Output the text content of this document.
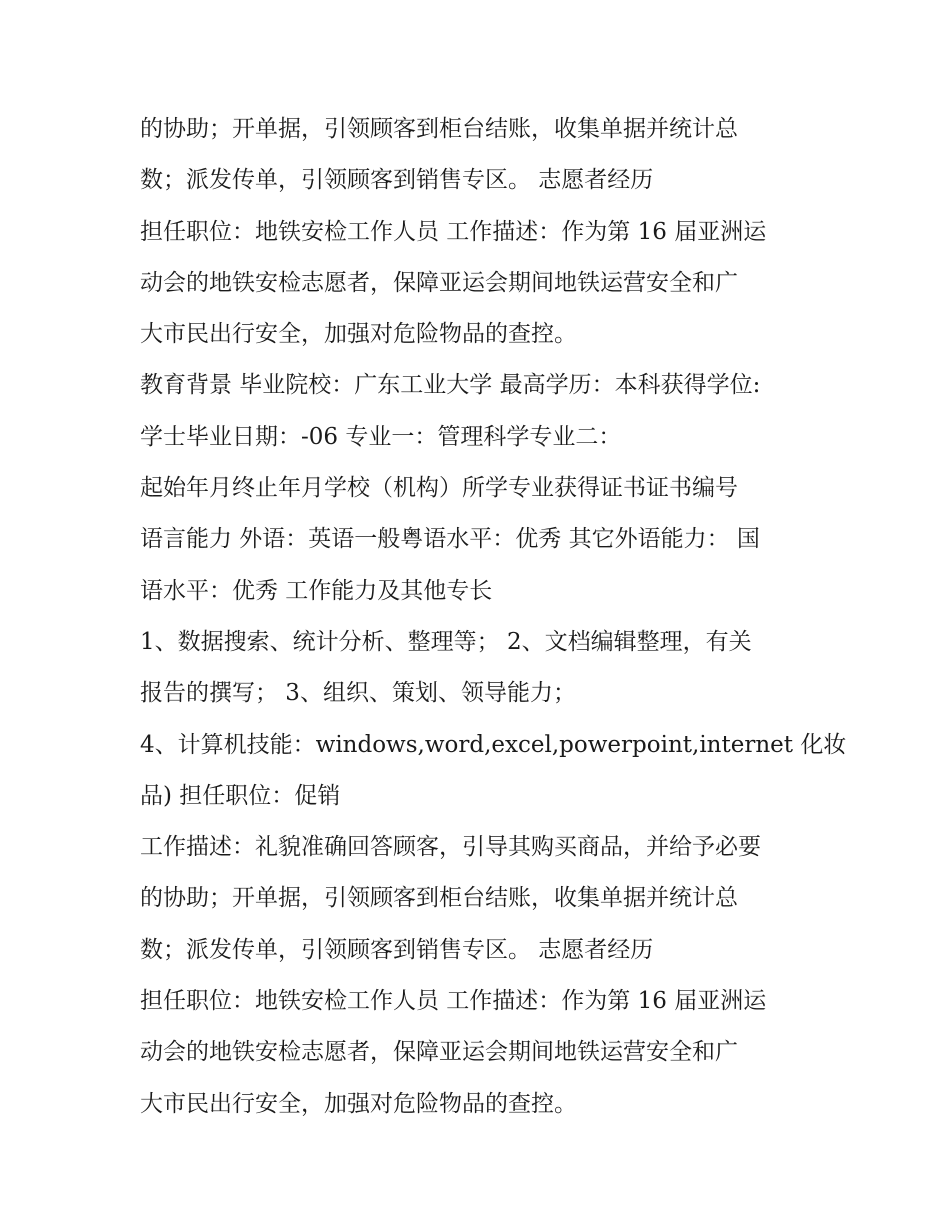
的协助；开单据，引领顾客到柜台结账，收集单据并统计总
数；派发传单，引领顾客到销售专区。 志愿者经历
担任职位：地铁安检工作人员 工作描述：作为第 16 届亚洲运
动会的地铁安检志愿者，保障亚运会期间地铁运营安全和广
大市民出行安全，加强对危险物品的查控。
教育背景 毕业院校：广东工业大学 最高学历：本科获得学位:
学士毕业日期：-06 专业一：管理科学专业二：
起始年月终止年月学校（机构）所学专业获得证书证书编号
语言能力 外语：英语一般粤语水平：优秀 其它外语能力： 国
语水平：优秀 工作能力及其他专长
1、数据搜索、统计分析、整理等； 2、文档编辑整理，有关
报告的撰写； 3、组织、策划、领导能力；
4、计算机技能：windows,word,excel,powerpoint,internet 化妆
品) 担任职位：促销
工作描述：礼貌准确回答顾客，引导其购买商品，并给予必要
的协助；开单据，引领顾客到柜台结账，收集单据并统计总
数；派发传单，引领顾客到销售专区。 志愿者经历
担任职位：地铁安检工作人员 工作描述：作为第 16 届亚洲运
动会的地铁安检志愿者，保障亚运会期间地铁运营安全和广
大市民出行安全，加强对危险物品的查控。
